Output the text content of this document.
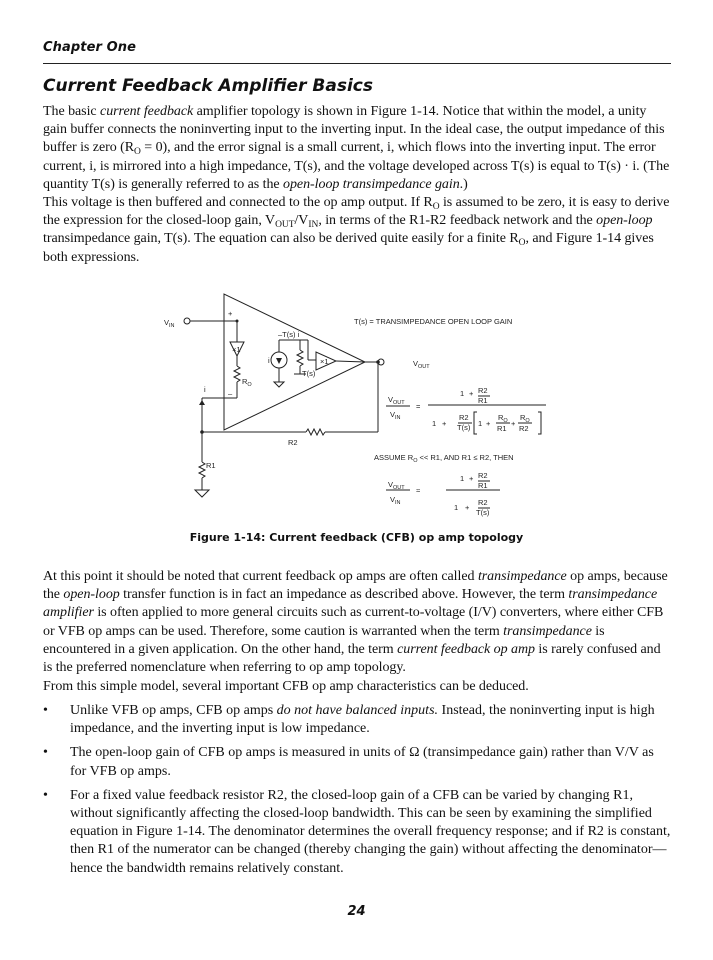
Chapter One
Current Feedback Amplifier Basics

The basic current feedback amplifier topology is shown in Figure 1-14. Notice that within the model, a unity gain buffer connects the noninverting input to the inverting input. In the ideal case, the output impedance of this buffer is zero $(R_O = 0)$, and the error signal is a small current, i, which flows into the inverting input. The error current, i, is mirrored into a high impedance, T(s), and the voltage developed across T(s) is equal to T(s) · i. (The quantity T(s) is generally referred to as the open-loop transimpedance gain.)

This voltage is then buffered and connected to the op amp output. If $R_O$ is assumed to be zero, it is easy to derive the expression for the closed-loop gain, $V_{OUT}/V_{IN}$, in terms of the R1-R2 feedback network and the open-loop transimpedance gain, T(s). The equation can also be derived quite easily for a finite $R_O$, and Figure 1-14 gives both expressions.

$V_{IN}$
+
–
–T(s) i
×1
×1
i
i
$R_O$
T(s)
$V_{OUT}$
R2
R1
T(s) = TRANSIMPEDANCE OPEN LOOP GAIN
$V_{OUT}$
$V_{IN}$
=
1 + R2
R1
1 +
R2
T(s) 1 +
$R_O$
R1
+
$R_O$
R2
ASSUME $R_O << R1$, AND R1 ≤ R2, THEN
$V_{OUT}$
$V_{IN}$
≈
1 + R2
R1
1 +
R2
T(s)
Figure 1-14: Current feedback (CFB) op amp topology

At this point it should be noted that current feedback op amps are often called transimpedance op amps, because the open-loop transfer function is in fact an impedance as described above. However, the term transimpedance amplifier is often applied to more general circuits such as current-to-voltage (I/V) converters, where either CFB or VFB op amps can be used. Therefore, some caution is warranted when the term transimpedance is encountered in a given application. On the other hand, the term current feedback op amp is rarely confused and is the preferred nomenclature when referring to op amp topology.

From this simple model, several important CFB op amp characteristics can be deduced.

• Unlike VFB op amps, CFB op amps do not have balanced inputs. Instead, the noninverting input is high impedance, and the inverting input is low impedance.
• The open-loop gain of CFB op amps is measured in units of Ω (transimpedance gain) rather than V/V as for VFB op amps.
• For a fixed value feedback resistor R2, the closed-loop gain of a CFB can be varied by changing R1, without significantly affecting the closed-loop bandwidth. This can be seen by examining the simplified equation in Figure 1-14. The denominator determines the overall frequency response; and if R2 is constant, then R1 of the numerator can be changed (thereby changing the gain) without affecting the denominator—hence the bandwidth remains relatively constant.
24
